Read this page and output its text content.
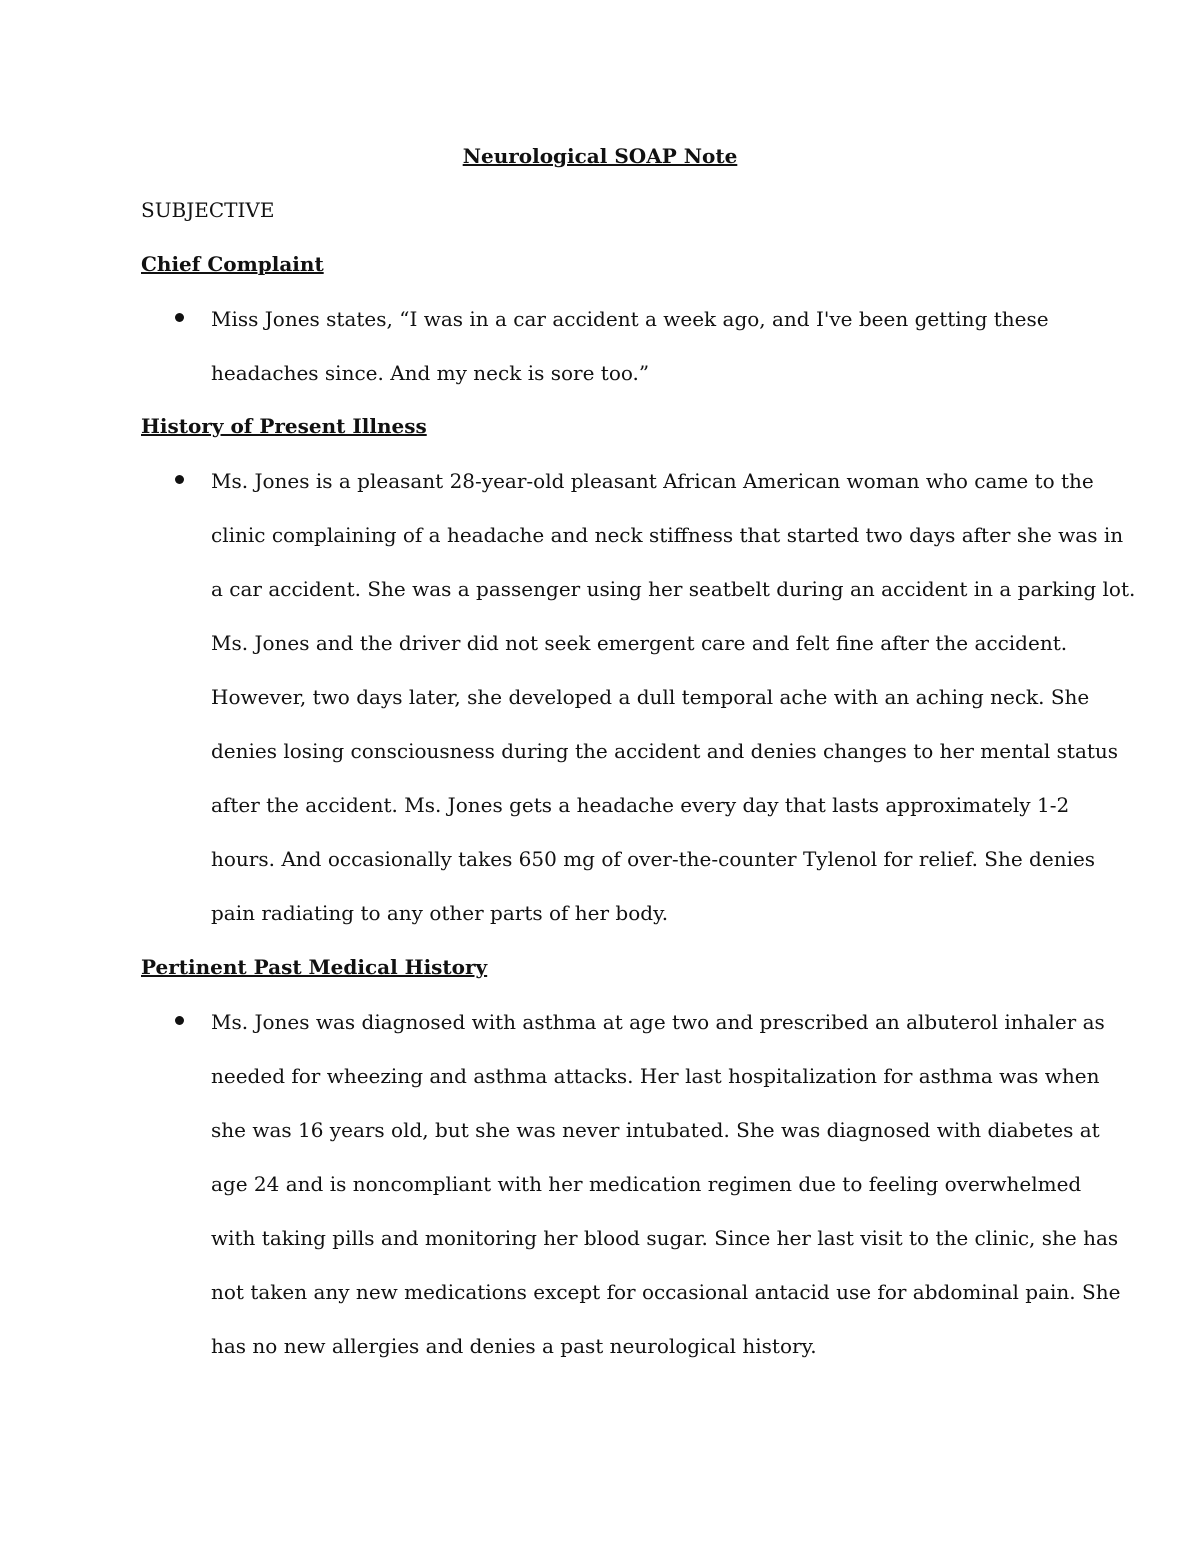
Neurological SOAP Note
SUBJECTIVE
Chief Complaint

Miss Jones states, “I was in a car accident a week ago, and I've been getting these

headaches since. And my neck is sore too.”

History of Present Illness

Ms. Jones is a pleasant 28-year-old pleasant African American woman who came to the

clinic complaining of a headache and neck stiffness that started two days after she was in

a car accident. She was a passenger using her seatbelt during an accident in a parking lot.

Ms. Jones and the driver did not seek emergent care and felt fine after the accident.

However, two days later, she developed a dull temporal ache with an aching neck. She

denies losing consciousness during the accident and denies changes to her mental status

after the accident. Ms. Jones gets a headache every day that lasts approximately 1-2

hours. And occasionally takes 650 mg of over-the-counter Tylenol for relief. She denies

pain radiating to any other parts of her body.

Pertinent Past Medical History

Ms. Jones was diagnosed with asthma at age two and prescribed an albuterol inhaler as

needed for wheezing and asthma attacks. Her last hospitalization for asthma was when

she was 16 years old, but she was never intubated. She was diagnosed with diabetes at

age 24 and is noncompliant with her medication regimen due to feeling overwhelmed

with taking pills and monitoring her blood sugar. Since her last visit to the clinic, she has

not taken any new medications except for occasional antacid use for abdominal pain. She

has no new allergies and denies a past neurological history.
